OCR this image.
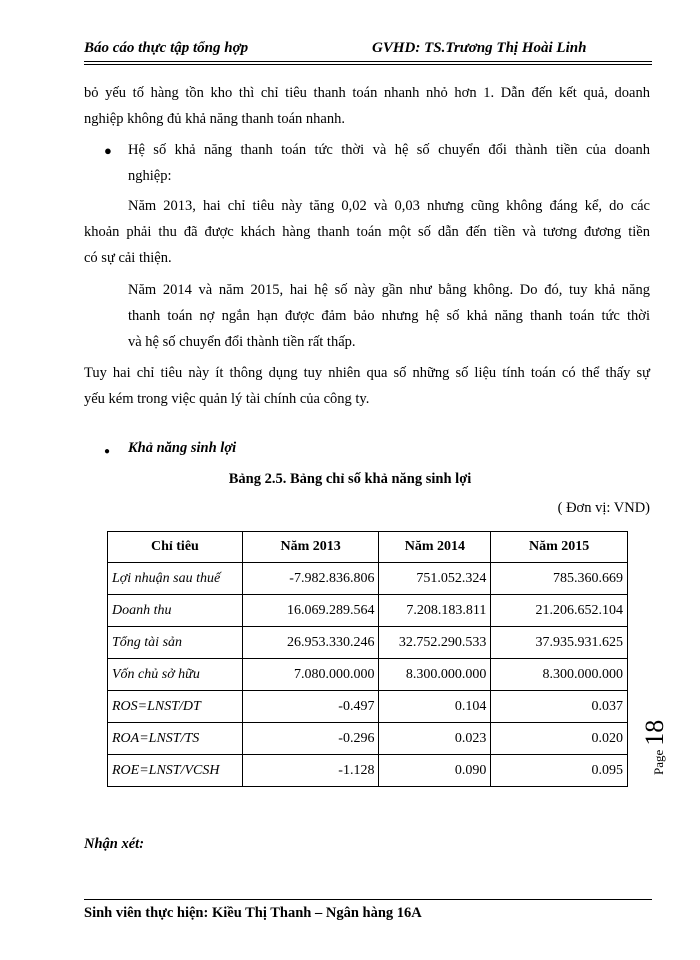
Báo cáo thực tập tổng hợp	GVHD: TS.Trương Thị Hoài Linh
bỏ yếu tố hàng tồn kho thì chỉ tiêu thanh toán nhanh nhỏ hơn 1. Dẫn đến kết quả, doanh
nghiệp không đủ khả năng thanh toán nhanh.
● Hệ số khả năng thanh toán tức thời và hệ số chuyển đổi thành tiền của doanh
nghiệp:
Năm 2013, hai chỉ tiêu này tăng 0,02 và 0,03 nhưng cũng không đáng kể, do các
khoản phải thu đã được khách hàng thanh toán một số dẫn đến tiền và tương đương tiền
có sự cải thiện.
Năm 2014 và năm 2015, hai hệ số này gần như bằng không. Do đó, tuy khả năng
thanh toán nợ ngắn hạn được đảm bảo nhưng hệ số khả năng thanh toán tức thời
và hệ số chuyển đổi thành tiền rất thấp.
Tuy hai chỉ tiêu này ít thông dụng tuy nhiên qua số những số liệu tính toán có thể thấy sự
yếu kém trong việc quản lý tài chính của công ty.
● Khả năng sinh lợi
Bảng 2.5. Bảng chỉ số khả năng sinh lợi
( Đơn vị: VND)
Chỉ tiêu	Năm 2013	Năm 2014	Năm 2015
Lợi nhuận sau thuế	-7.982.836.806	751.052.324	785.360.669
Doanh thu	16.069.289.564	7.208.183.811	21.206.652.104
Tổng tài sản	26.953.330.246	32.752.290.533	37.935.931.625
Vốn chủ sở hữu	7.080.000.000	8.300.000.000	8.300.000.000
ROS=LNST/DT	-0.497	0.104	0.037
ROA=LNST/TS	-0.296	0.023	0.020
ROE=LNST/VCSH	-1.128	0.090	0.095
Nhận xét:
Page 18
Sinh viên thực hiện: Kiều Thị Thanh – Ngân hàng 16A
